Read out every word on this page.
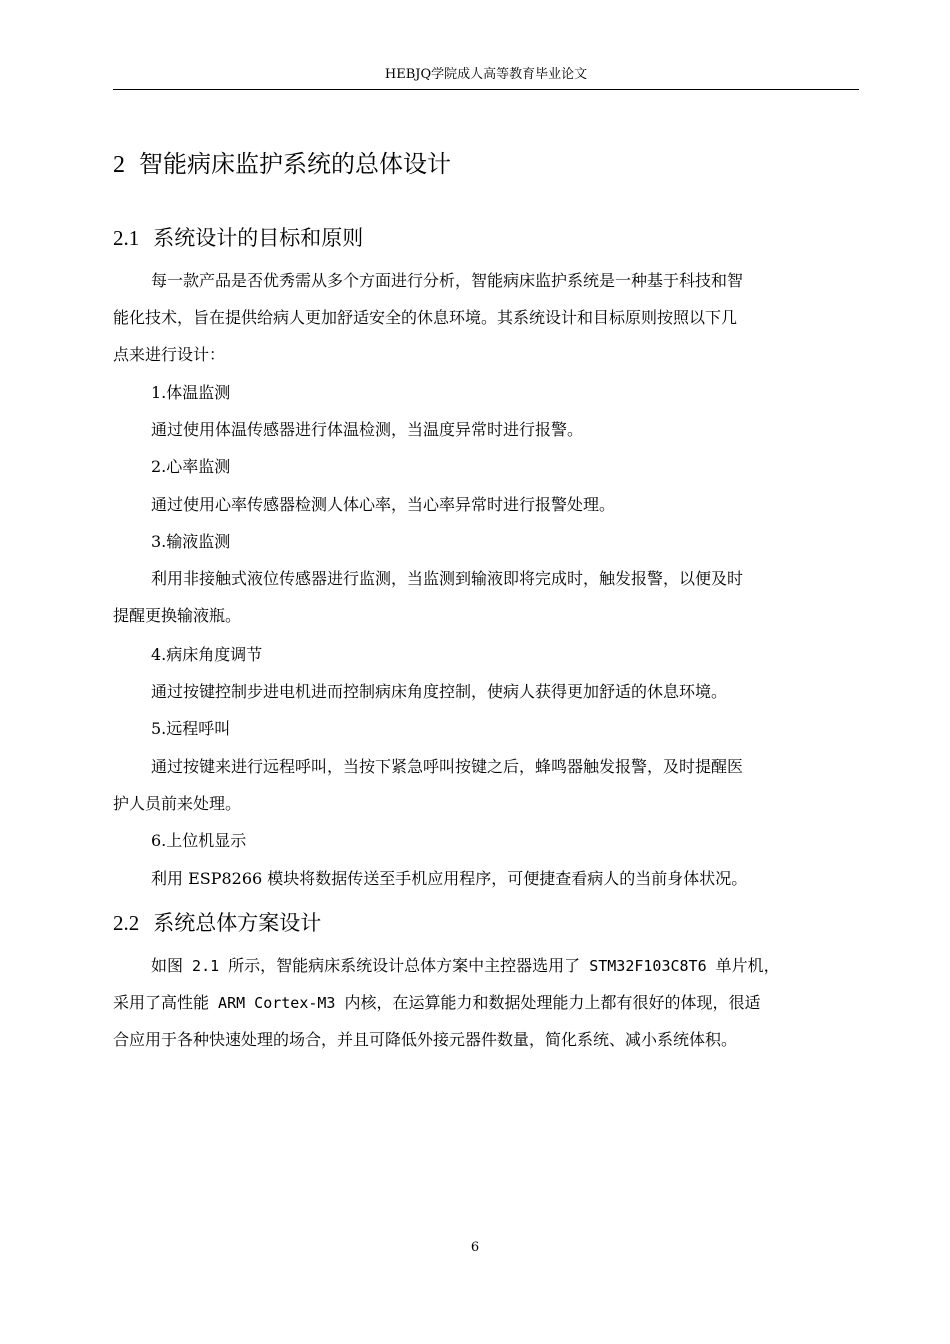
HEBJQ学院成人高等教育毕业论文
2 智能病床监护系统的总体设计
2.1 系统设计的目标和原则
每一款产品是否优秀需从多个方面进行分析，智能病床监护系统是一种基于科技和智
能化技术，旨在提供给病人更加舒适安全的休息环境。其系统设计和目标原则按照以下几
点来进行设计：
1.体温监测
通过使用体温传感器进行体温检测，当温度异常时进行报警。
2.心率监测
通过使用心率传感器检测人体心率，当心率异常时进行报警处理。
3.输液监测
利用非接触式液位传感器进行监测，当监测到输液即将完成时，触发报警，以便及时
提醒更换输液瓶。
4.病床角度调节
通过按键控制步进电机进而控制病床角度控制，使病人获得更加舒适的休息环境。
5.远程呼叫
通过按键来进行远程呼叫，当按下紧急呼叫按键之后，蜂鸣器触发报警，及时提醒医
护人员前来处理。
6.上位机显示
利用 ESP8266 模块将数据传送至手机应用程序，可便捷查看病人的当前身体状况。
2.2 系统总体方案设计
如图 2.1 所示，智能病床系统设计总体方案中主控器选用了 STM32F103C8T6 单片机，
采用了高性能 ARM Cortex-M3 内核，在运算能力和数据处理能力上都有很好的体现，很适
合应用于各种快速处理的场合，并且可降低外接元器件数量，简化系统、减小系统体积。
6
